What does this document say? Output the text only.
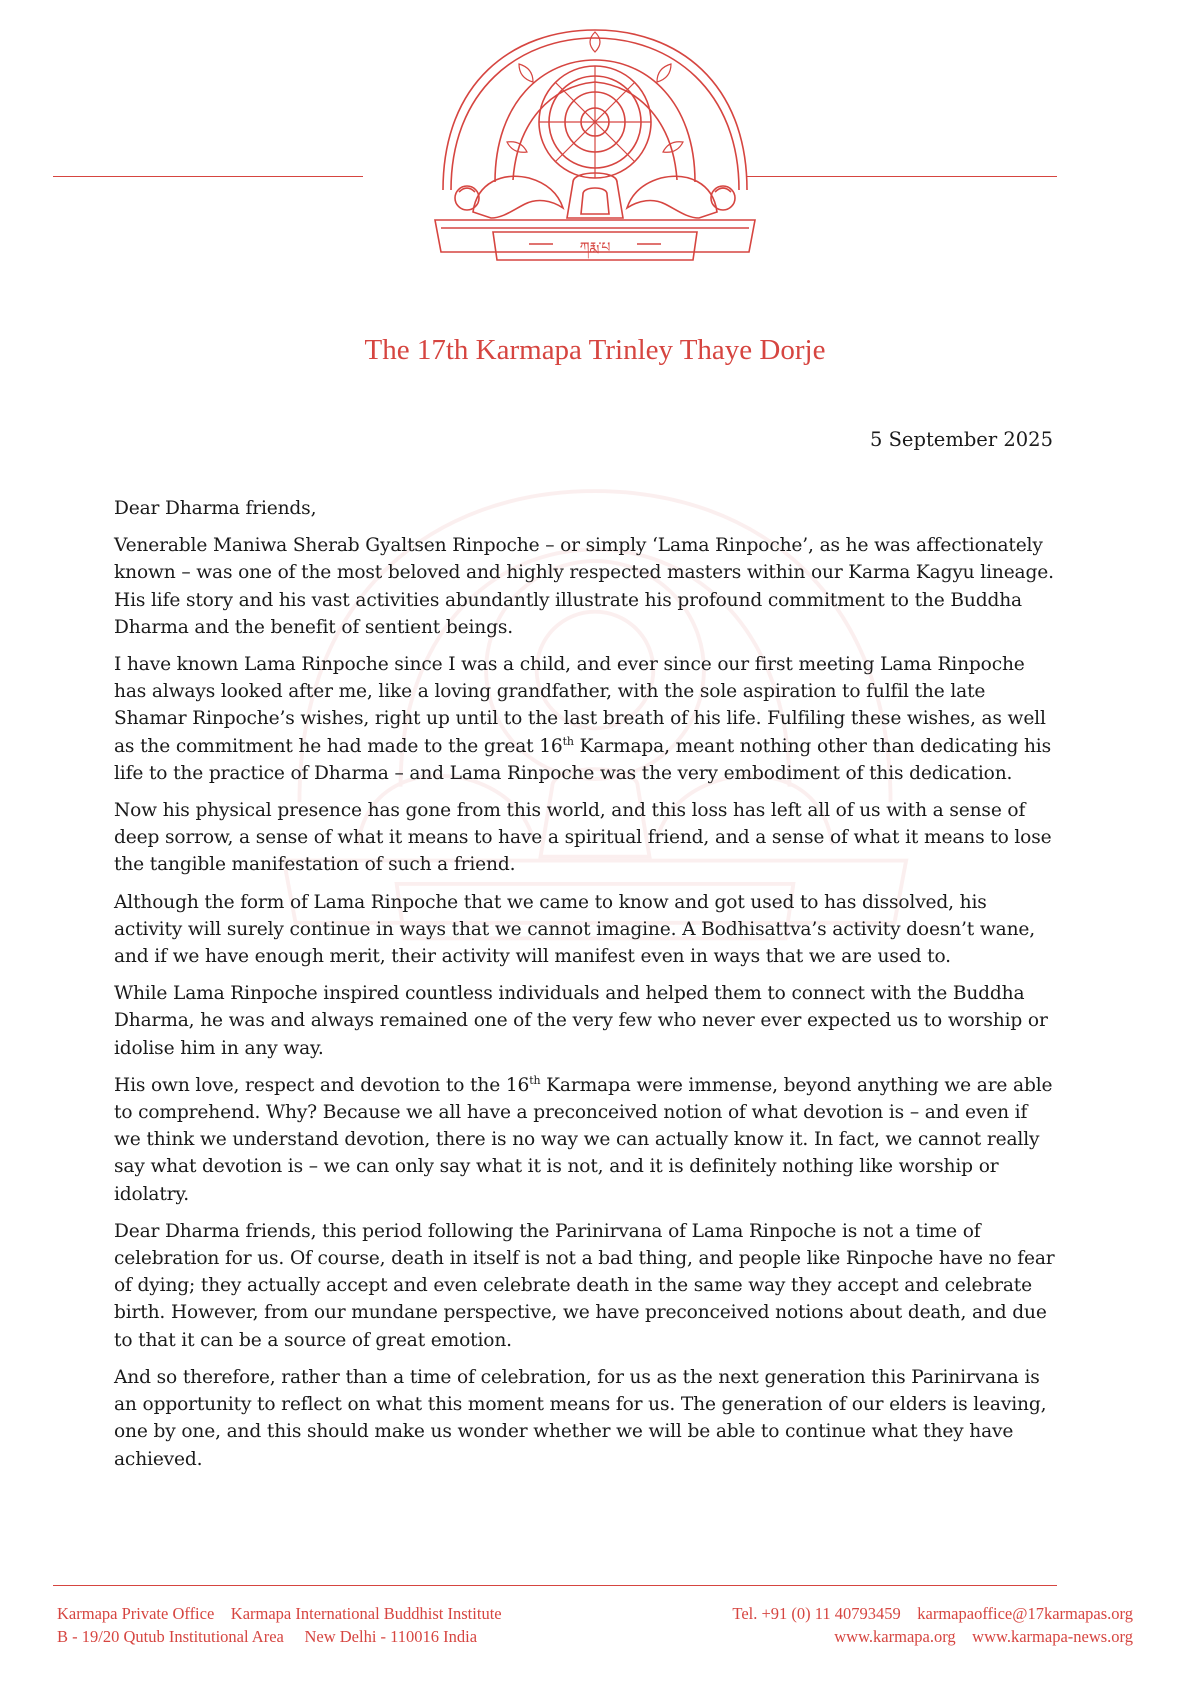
ཀརྨ་པ
The 17th Karmapa Trinley Thaye Dorje
5 September 2025

Dear Dharma friends,

Venerable Maniwa Sherab Gyaltsen Rinpoche – or simply ‘Lama Rinpoche’, as he was affectionately known – was one of the most beloved and highly respected masters within our Karma Kagyu lineage. His life story and his vast activities abundantly illustrate his profound commitment to the Buddha Dharma and the benefit of sentient beings.

I have known Lama Rinpoche since I was a child, and ever since our first meeting Lama Rinpoche has always looked after me, like a loving grandfather, with the sole aspiration to fulfil the late Shamar Rinpoche’s wishes, right up until to the last breath of his life. Fulfiling these wishes, as well as the commitment he had made to the great 16th Karmapa, meant nothing other than dedicating his life to the practice of Dharma – and Lama Rinpoche was the very embodiment of this dedication.

Now his physical presence has gone from this world, and this loss has left all of us with a sense of deep sorrow, a sense of what it means to have a spiritual friend, and a sense of what it means to lose the tangible manifestation of such a friend.

Although the form of Lama Rinpoche that we came to know and got used to has dissolved, his activity will surely continue in ways that we cannot imagine. A Bodhisattva’s activity doesn’t wane, and if we have enough merit, their activity will manifest even in ways that we are used to.

While Lama Rinpoche inspired countless individuals and helped them to connect with the Buddha Dharma, he was and always remained one of the very few who never ever expected us to worship or idolise him in any way.

His own love, respect and devotion to the 16th Karmapa were immense, beyond anything we are able to comprehend. Why? Because we all have a preconceived notion of what devotion is – and even if we think we understand devotion, there is no way we can actually know it. In fact, we cannot really say what devotion is – we can only say what it is not, and it is definitely nothing like worship or idolatry.

Dear Dharma friends, this period following the Parinirvana of Lama Rinpoche is not a time of celebration for us. Of course, death in itself is not a bad thing, and people like Rinpoche have no fear of dying; they actually accept and even celebrate death in the same way they accept and celebrate birth. However, from our mundane perspective, we have preconceived notions about death, and due to that it can be a source of great emotion.

And so therefore, rather than a time of celebration, for us as the next generation this Parinirvana is an opportunity to reflect on what this moment means for us. The generation of our elders is leaving, one by one, and this should make us wonder whether we will be able to continue what they have achieved.

Karmapa Private Office    Karmapa International Buddhist Institute
B - 19/20 Qutub Institutional Area     New Delhi - 110016 India
Tel. +91 (0) 11 40793459    karmapaoffice@17karmapas.org
www.karmapa.org    www.karmapa-news.org
